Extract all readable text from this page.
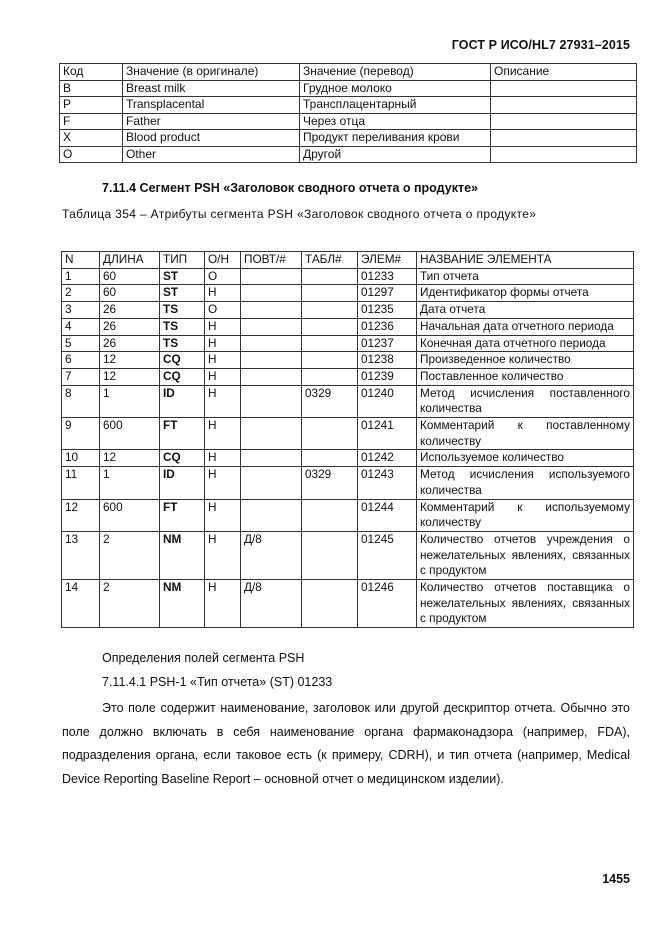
ГОСТ Р ИСО/HL7 27931–2015
Код	Значение (в оригинале)	Значение (перевод)	Описание
B	Breast milk	Грудное молоко	
P	Transplacental	Трансплацентарный	
F	Father	Через отца	
X	Blood product	Продукт переливания крови	
O	Other	Другой	
7.11.4 Сегмент PSH «Заголовок сводного отчета о продукте»
Таблица 354 – Атрибуты сегмента PSH «Заголовок сводного отчета о продукте»
N	ДЛИНА	ТИП	О/Н	ПОВТ/#	ТАБЛ#	ЭЛЕМ#	НАЗВАНИЕ ЭЛЕМЕНТА
1	60	ST	О			01233	Тип отчета
2	60	ST	Н			01297	Идентификатор формы отчета
3	26	TS	О			01235	Дата отчета
4	26	TS	Н			01236	Начальная дата отчетного периода
5	26	TS	Н			01237	Конечная дата отчетного периода
6	12	CQ	Н			01238	Произведенное количество
7	12	CQ	Н			01239	Поставленное количество
8	1	ID	Н		0329	01240	Метод исчисления поставленного количества
9	600	FT	Н			01241	Комментарий к поставленному количеству
10	12	CQ	Н			01242	Используемое количество
11	1	ID	Н		0329	01243	Метод исчисления используемого количества
12	600	FT	Н			01244	Комментарий к используемому количеству
13	2	NM	Н	Д/8		01245	Количество отчетов учреждения о нежелательных явлениях, связанных с продуктом
14	2	NM	Н	Д/8		01246	Количество отчетов поставщика о нежелательных явлениях, связанных с продуктом
Определения полей сегмента PSH
7.11.4.1 PSH-1 «Тип отчета» (ST) 01233
Это поле содержит наименование, заголовок или другой дескриптор отчета. Обычно это поле должно включать в себя наименование органа фармаконадзора (например, FDA), подразделения органа, если таковое есть (к примеру, CDRH), и тип отчета (например, Medical Device Reporting Baseline Report – основной отчет о медицинском изделии).
1455
